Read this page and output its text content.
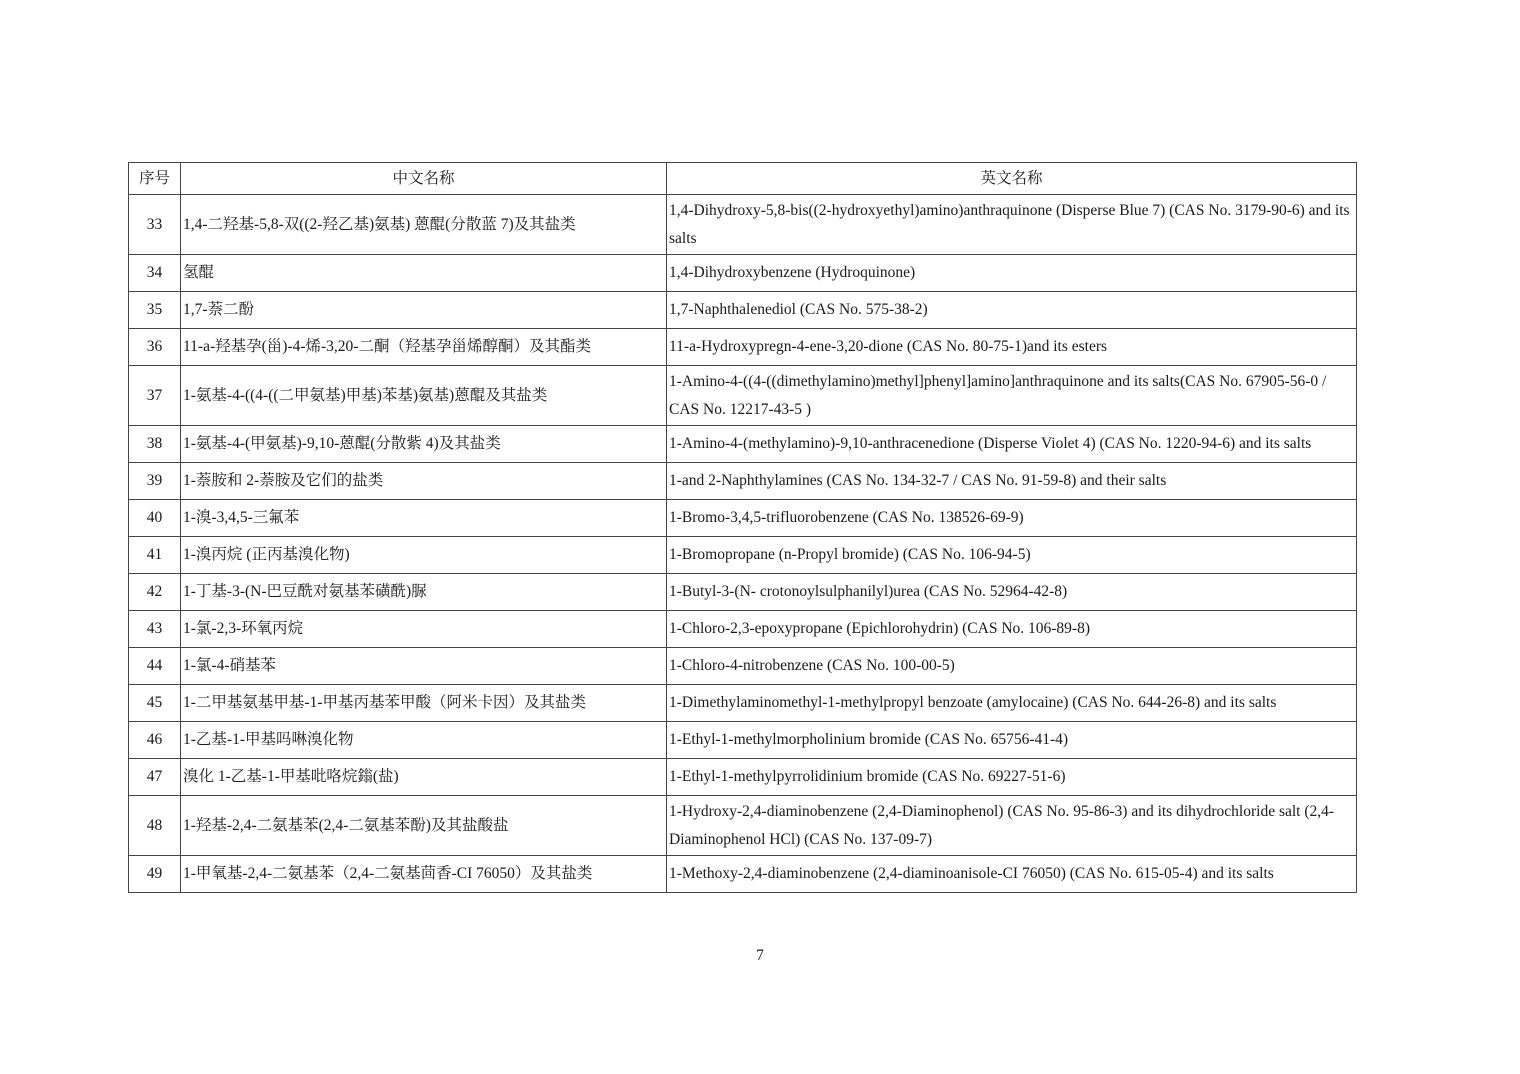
序号	中文名称	英文名称
33	1,4-二羟基-5,8-双((2-羟乙基)氨基) 蒽醌(分散蓝 7)及其盐类	1,4-Dihydroxy-5,8-bis((2-hydroxyethyl)amino)anthraquinone (Disperse Blue 7) (CAS No. 3179-90-6) and its salts
34	氢醌	1,4-Dihydroxybenzene (Hydroquinone)
35	1,7-萘二酚	1,7-Naphthalenediol (CAS No. 575-38-2)
36	11-a-羟基孕(甾)-4-烯-3,20-二酮（羟基孕甾烯醇酮）及其酯类	11-a-Hydroxypregn-4-ene-3,20-dione (CAS No. 80-75-1)and its esters
37	1-氨基-4-((4-((二甲氨基)甲基)苯基)氨基)蒽醌及其盐类	1-Amino-4-((4-((dimethylamino)methyl]phenyl]amino]anthraquinone and its salts(CAS No. 67905-56-0 / CAS No. 12217-43-5 )
38	1-氨基-4-(甲氨基)-9,10-蒽醌(分散紫 4)及其盐类	1-Amino-4-(methylamino)-9,10-anthracenedione (Disperse Violet 4) (CAS No. 1220-94-6) and its salts
39	1-萘胺和 2-萘胺及它们的盐类	1-and 2-Naphthylamines (CAS No. 134-32-7 / CAS No. 91-59-8) and their salts
40	1-溴-3,4,5-三氟苯	1-Bromo-3,4,5-trifluorobenzene (CAS No. 138526-69-9)
41	1-溴丙烷 (正丙基溴化物)	1-Bromopropane (n-Propyl bromide) (CAS No. 106-94-5)
42	1-丁基-3-(N-巴豆酰对氨基苯磺酰)脲	1-Butyl-3-(N- crotonoylsulphanilyl)urea (CAS No. 52964-42-8)
43	1-氯-2,3-环氧丙烷	1-Chloro-2,3-epoxypropane (Epichlorohydrin) (CAS No. 106-89-8)
44	1-氯-4-硝基苯	1-Chloro-4-nitrobenzene (CAS No. 100-00-5)
45	1-二甲基氨基甲基-1-甲基丙基苯甲酸（阿米卡因）及其盐类	1-Dimethylaminomethyl-1-methylpropyl benzoate (amylocaine) (CAS No. 644-26-8) and its salts
46	1-乙基-1-甲基吗啉溴化物	1-Ethyl-1-methylmorpholinium bromide (CAS No. 65756-41-4)
47	溴化 1-乙基-1-甲基吡咯烷鎓(盐)	1-Ethyl-1-methylpyrrolidinium bromide (CAS No. 69227-51-6)
48	1-羟基-2,4-二氨基苯(2,4-二氨基苯酚)及其盐酸盐	1-Hydroxy-2,4-diaminobenzene (2,4-Diaminophenol) (CAS No. 95-86-3) and its dihydrochloride salt (2,4-Diaminophenol HCl) (CAS No. 137-09-7)
49	1-甲氧基-2,4-二氨基苯（2,4-二氨基茴香-CI 76050）及其盐类	1-Methoxy-2,4-diaminobenzene (2,4-diaminoanisole-CI 76050) (CAS No. 615-05-4) and its salts
7
